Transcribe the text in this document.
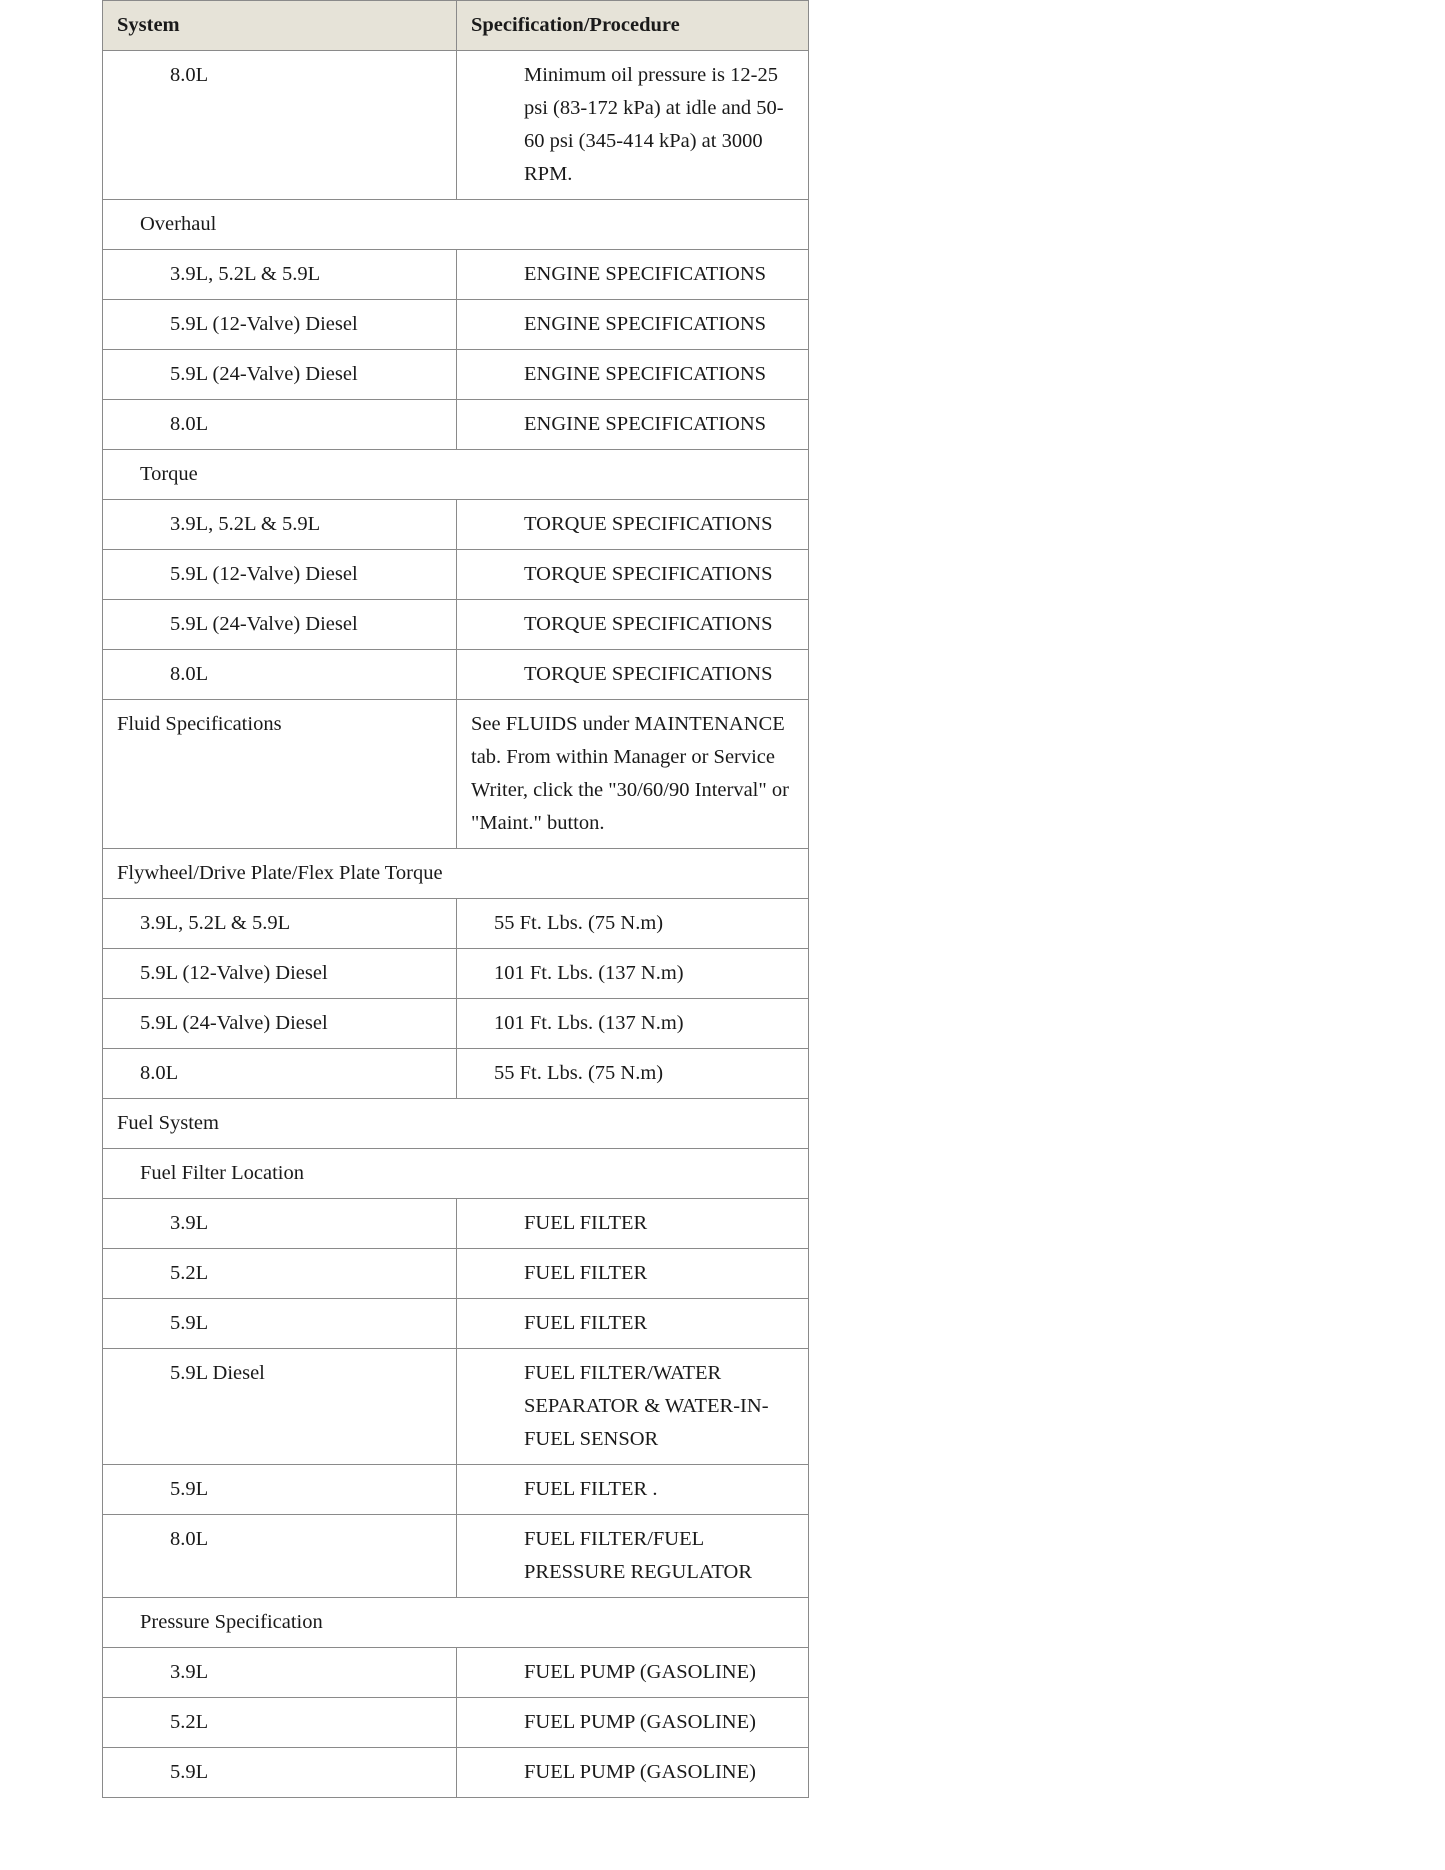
System	Specification/Procedure
8.0L	Minimum oil pressure is 12-25 psi (83-172 kPa) at idle and 50-60 psi (345-414 kPa) at 3000 RPM.
Overhaul	
3.9L, 5.2L & 5.9L	ENGINE SPECIFICATIONS
5.9L (12-Valve) Diesel	ENGINE SPECIFICATIONS
5.9L (24-Valve) Diesel	ENGINE SPECIFICATIONS
8.0L	ENGINE SPECIFICATIONS
Torque	
3.9L, 5.2L & 5.9L	TORQUE SPECIFICATIONS
5.9L (12-Valve) Diesel	TORQUE SPECIFICATIONS
5.9L (24-Valve) Diesel	TORQUE SPECIFICATIONS
8.0L	TORQUE SPECIFICATIONS
Fluid Specifications	See FLUIDS under MAINTENANCE tab. From within Manager or Service Writer, click the "30/60/90 Interval" or "Maint." button.
Flywheel/Drive Plate/Flex Plate Torque	
3.9L, 5.2L & 5.9L	55 Ft. Lbs. (75 N.m)
5.9L (12-Valve) Diesel	101 Ft. Lbs. (137 N.m)
5.9L (24-Valve) Diesel	101 Ft. Lbs. (137 N.m)
8.0L	55 Ft. Lbs. (75 N.m)
Fuel System	
Fuel Filter Location	
3.9L	FUEL FILTER
5.2L	FUEL FILTER
5.9L	FUEL FILTER
5.9L Diesel	FUEL FILTER/WATER SEPARATOR & WATER-IN-FUEL SENSOR
5.9L	FUEL FILTER .
8.0L	FUEL FILTER/FUEL PRESSURE REGULATOR
Pressure Specification	
3.9L	FUEL PUMP (GASOLINE)
5.2L	FUEL PUMP (GASOLINE)
5.9L	FUEL PUMP (GASOLINE)
